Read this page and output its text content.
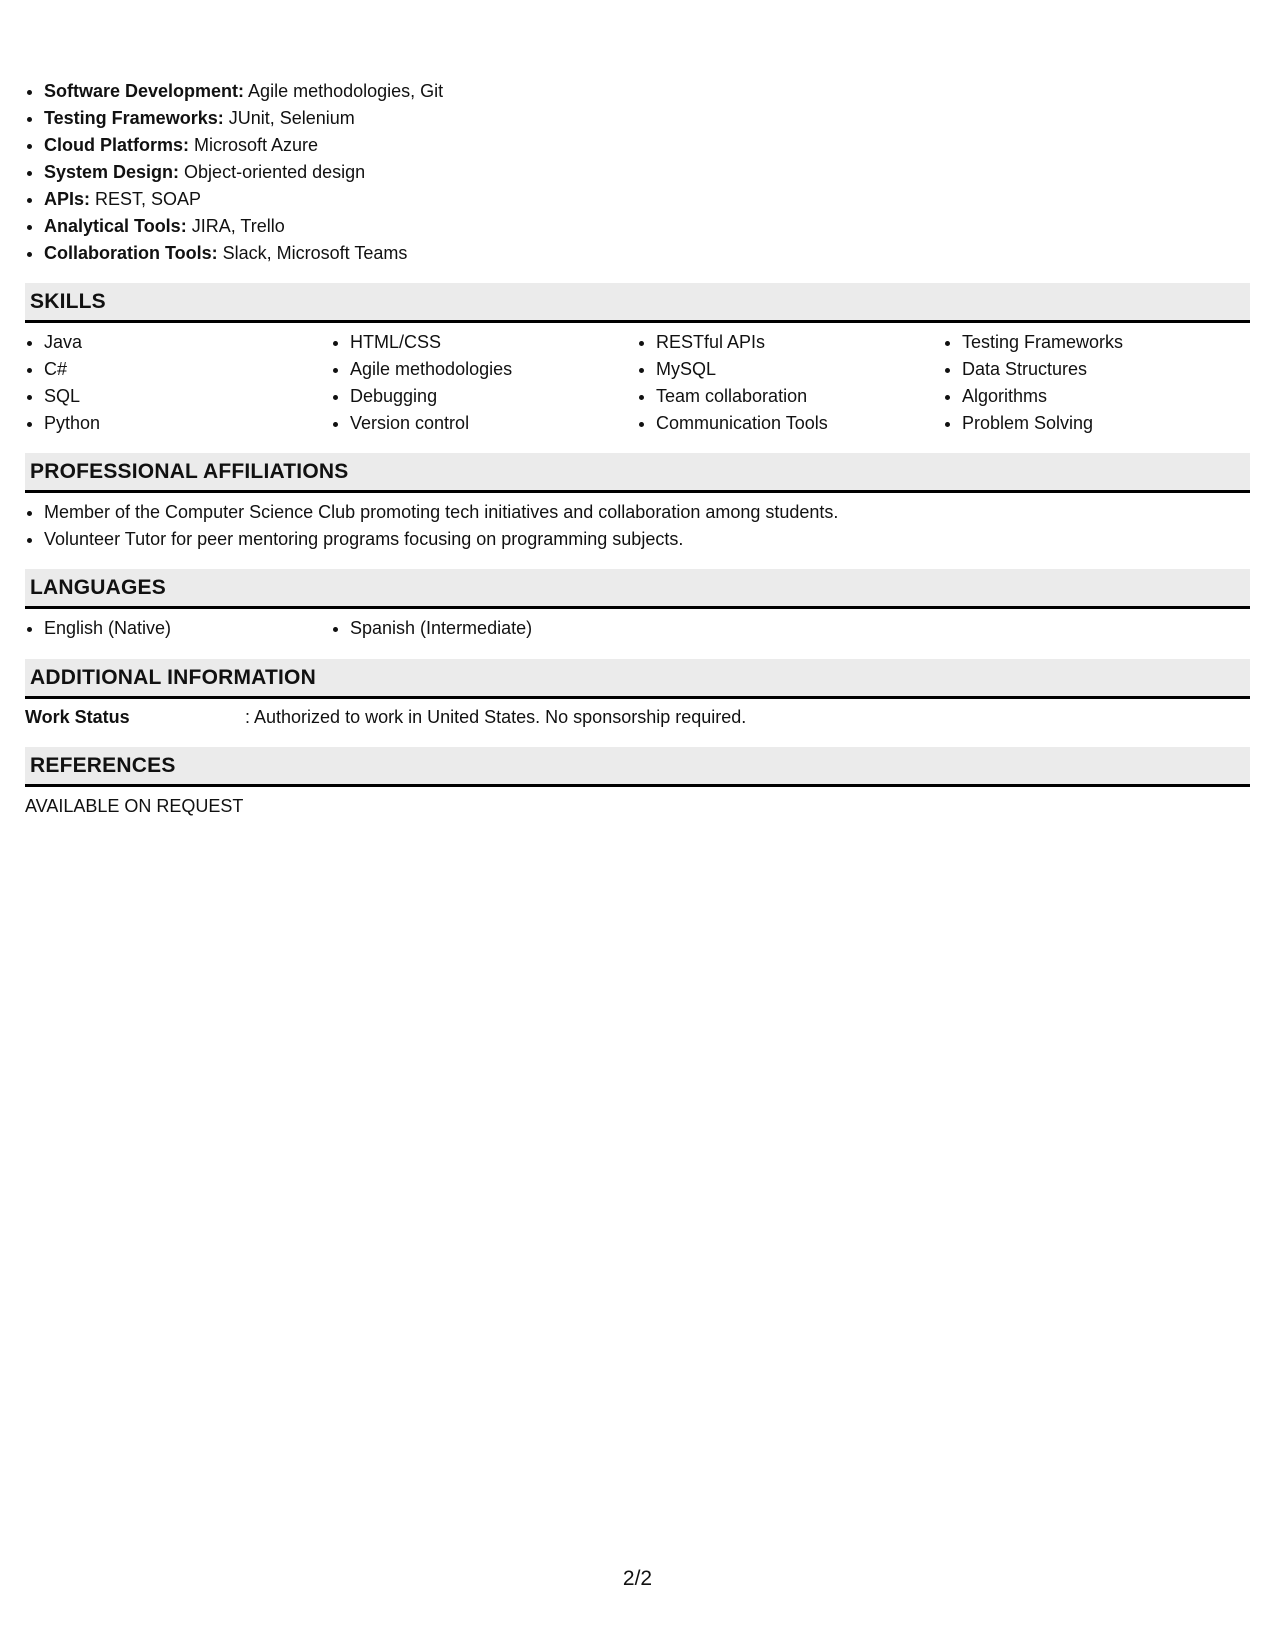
• Software Development: Agile methodologies, Git
• Testing Frameworks: JUnit, Selenium
• Cloud Platforms: Microsoft Azure
• System Design: Object-oriented design
• APIs: REST, SOAP
• Analytical Tools: JIRA, Trello
• Collaboration Tools: Slack, Microsoft Teams
SKILLS
• Java
• C#
• SQL
• Python
• HTML/CSS
• Agile methodologies
• Debugging
• Version control
• RESTful APIs
• MySQL
• Team collaboration
• Communication Tools
• Testing Frameworks
• Data Structures
• Algorithms
• Problem Solving
PROFESSIONAL AFFILIATIONS
• Member of the Computer Science Club promoting tech initiatives and collaboration among students.
• Volunteer Tutor for peer mentoring programs focusing on programming subjects.
LANGUAGES
• English (Native)
•	Spanish (Intermediate)
ADDITIONAL INFORMATION
Work Status	: Authorized to work in United States. No sponsorship required.
REFERENCES
AVAILABLE ON REQUEST
2/2
